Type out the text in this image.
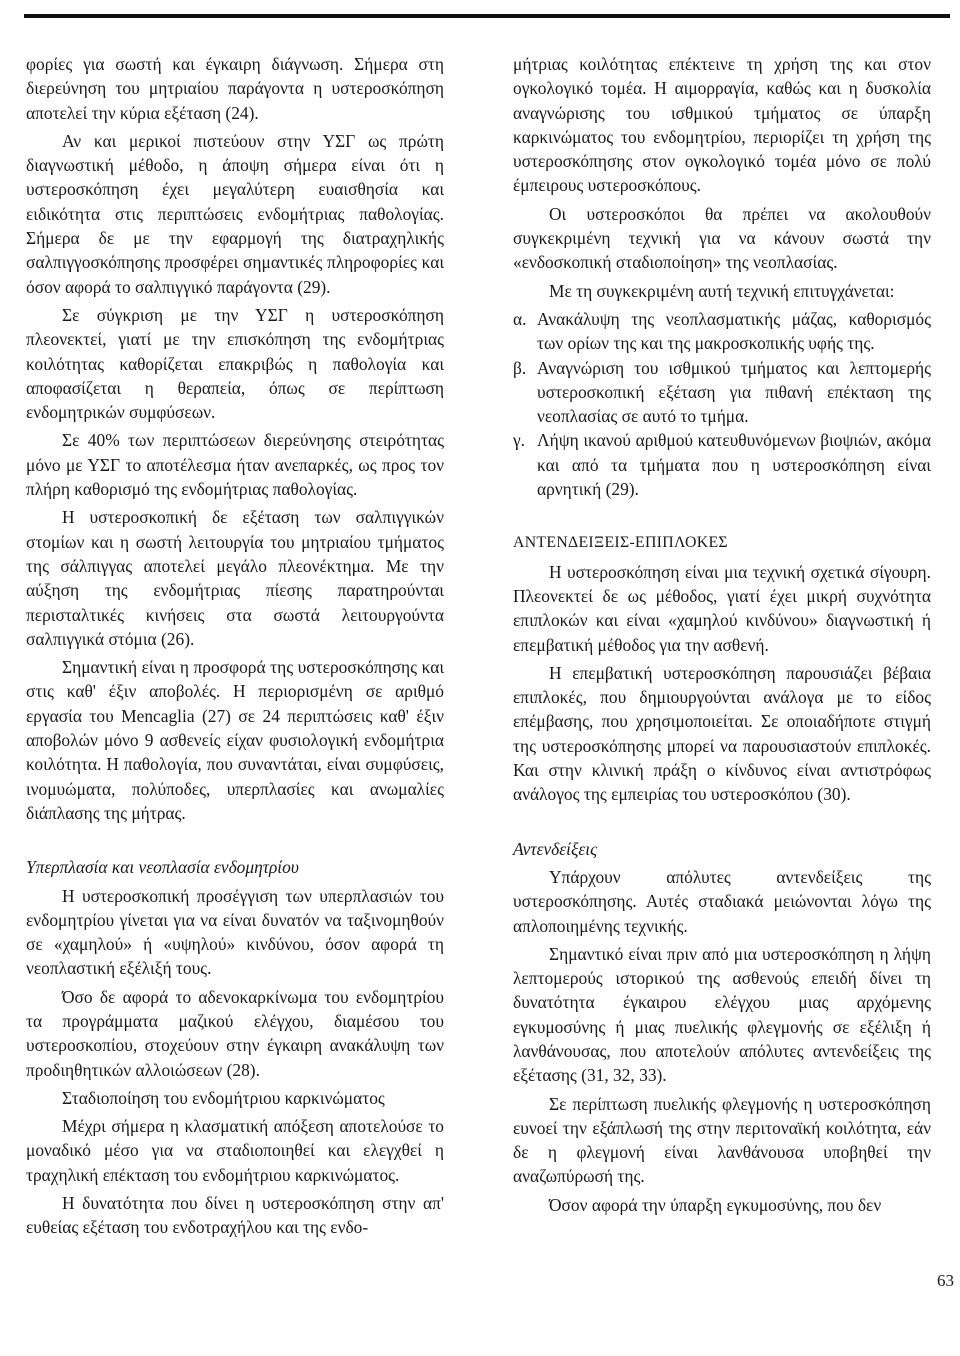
φορίες για σωστή και έγκαιρη διάγνωση. Σήμερα στη διερεύνηση του μητριαίου παράγοντα η υστεροσκόπηση αποτελεί την κύρια εξέταση (24).

Αν και μερικοί πιστεύουν στην ΥΣΓ ως πρώτη διαγνωστική μέθοδο, η άποψη σήμερα είναι ότι η υστεροσκόπηση έχει μεγαλύτερη ευαισθησία και ειδικότητα στις περιπτώσεις ενδομήτριας παθολογίας. Σήμερα δε με την εφαρμογή της διατραχηλικής σαλπιγγοσκόπησης προσφέρει σημαντικές πληροφορίες και όσον αφορά το σαλπιγγικό παράγοντα (29).

Σε σύγκριση με την ΥΣΓ η υστεροσκόπηση πλεονεκτεί, γιατί με την επισκόπηση της ενδομήτριας κοιλότητας καθορίζεται επακριβώς η παθολογία και αποφασίζεται η θεραπεία, όπως σε περίπτωση ενδομητρικών συμφύσεων.

Σε 40% των περιπτώσεων διερεύνησης στειρότητας μόνο με ΥΣΓ το αποτέλεσμα ήταν ανεπαρκές, ως προς τον πλήρη καθορισμό της ενδομήτριας παθολογίας.

Η υστεροσκοπική δε εξέταση των σαλπιγγικών στομίων και η σωστή λειτουργία του μητριαίου τμήματος της σάλπιγγας αποτελεί μεγάλο πλεονέκτημα. Με την αύξηση της ενδομήτριας πίεσης παρατηρούνται περισταλτικές κινήσεις στα σωστά λειτουργούντα σαλπιγγικά στόμια (26).

Σημαντική είναι η προσφορά της υστεροσκόπησης και στις καθ' έξιν αποβολές. Η περιορισμένη σε αριθμό εργασία του Mencaglia (27) σε 24 περιπτώσεις καθ' έξιν αποβολών μόνο 9 ασθενείς είχαν φυσιολογική ενδομήτρια κοιλότητα. Η παθολογία, που συναντάται, είναι συμφύσεις, ινομυώματα, πολύποδες, υπερπλασίες και ανωμαλίες διάπλασης της μήτρας.

Υπερπλασία και νεοπλασία ενδομητρίου

Η υστεροσκοπική προσέγγιση των υπερπλασιών του ενδομητρίου γίνεται για να είναι δυνατόν να ταξινομηθούν σε «χαμηλού» ή «υψηλού» κινδύνου, όσον αφορά τη νεοπλαστική εξέλιξή τους.

Όσο δε αφορά το αδενοκαρκίνωμα του ενδομητρίου τα προγράμματα μαζικού ελέγχου, διαμέσου του υστεροσκοπίου, στοχεύουν στην έγκαιρη ανακάλυψη των προδιηθητικών αλλοιώσεων (28).

Σταδιοποίηση του ενδομήτριου καρκινώματος

Μέχρι σήμερα η κλασματική απόξεση αποτελούσε το μοναδικό μέσο για να σταδιοποιηθεί και ελεγχθεί η τραχηλική επέκταση του ενδομήτριου καρκινώματος.

Η δυνατότητα που δίνει η υστεροσκόπηση στην απ' ευθείας εξέταση του ενδοτραχήλου και της ενδο-

μήτριας κοιλότητας επέκτεινε τη χρήση της και στον ογκολογικό τομέα. Η αιμορραγία, καθώς και η δυσκολία αναγνώρισης του ισθμικού τμήματος σε ύπαρξη καρκινώματος του ενδομητρίου, περιορίζει τη χρήση της υστεροσκόπησης στον ογκολογικό τομέα μόνο σε πολύ έμπειρους υστεροσκόπους.

Οι υστεροσκόποι θα πρέπει να ακολουθούν συγκεκριμένη τεχνική για να κάνουν σωστά την «ενδοσκοπική σταδιοποίηση» της νεοπλασίας.

Με τη συγκεκριμένη αυτή τεχνική επιτυγχάνεται:

α. Ανακάλυψη της νεοπλασματικής μάζας, καθορισμός των ορίων της και της μακροσκοπικής υφής της.
β. Αναγνώριση του ισθμικού τμήματος και λεπτομερής υστεροσκοπική εξέταση για πιθανή επέκταση της νεοπλασίας σε αυτό το τμήμα.
γ. Λήψη ικανού αριθμού κατευθυνόμενων βιοψιών, ακόμα και από τα τμήματα που η υστεροσκόπηση είναι αρνητική (29).
ΑΝΤΕΝΔΕΙΞΕΙΣ-ΕΠΙΠΛΟΚΕΣ

Η υστεροσκόπηση είναι μια τεχνική σχετικά σίγουρη. Πλεονεκτεί δε ως μέθοδος, γιατί έχει μικρή συχνότητα επιπλοκών και είναι «χαμηλού κινδύνου» διαγνωστική ή επεμβατική μέθοδος για την ασθενή.

Η επεμβατική υστεροσκόπηση παρουσιάζει βέβαια επιπλοκές, που δημιουργούνται ανάλογα με το είδος επέμβασης, που χρησιμοποιείται. Σε οποιαδήποτε στιγμή της υστεροσκόπησης μπορεί να παρουσιαστούν επιπλοκές. Και στην κλινική πράξη ο κίνδυνος είναι αντιστρόφως ανάλογος της εμπειρίας του υστεροσκόπου (30).

Αντενδείξεις

Υπάρχουν απόλυτες αντενδείξεις της υστεροσκόπησης. Αυτές σταδιακά μειώνονται λόγω της απλοποιημένης τεχνικής.

Σημαντικό είναι πριν από μια υστεροσκόπηση η λήψη λεπτομερούς ιστορικού της ασθενούς επειδή δίνει τη δυνατότητα έγκαιρου ελέγχου μιας αρχόμενης εγκυμοσύνης ή μιας πυελικής φλεγμονής σε εξέλιξη ή λανθάνουσας, που αποτελούν απόλυτες αντενδείξεις της εξέτασης (31, 32, 33).

Σε περίπτωση πυελικής φλεγμονής η υστεροσκόπηση ευνοεί την εξάπλωσή της στην περιτοναϊκή κοιλότητα, εάν δε η φλεγμονή είναι λανθάνουσα υποβηθεί την αναζωπύρωσή της.

Όσον αφορά την ύπαρξη εγκυμοσύνης, που δεν

63
